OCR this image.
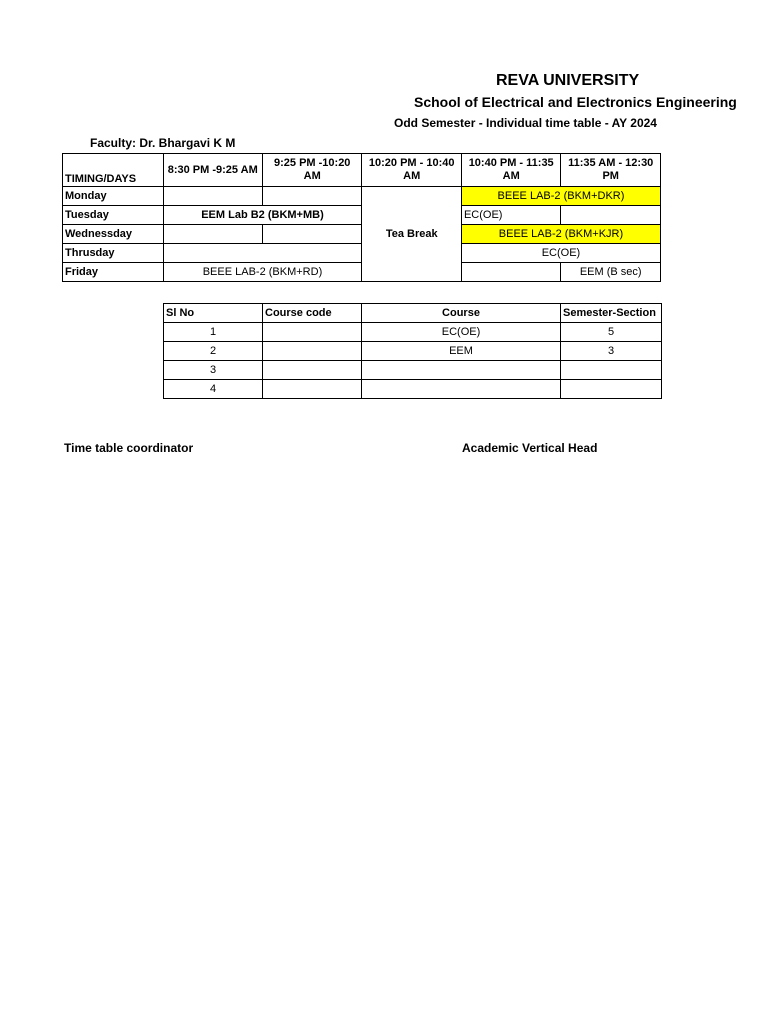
REVA UNIVERSITY
School of Electrical and Electronics Engineering
Odd Semester - Individual time table - AY 2024
Faculty: Dr. Bhargavi K M
TIMING/DAYS	8:30 PM -9:25 AM	9:25 PM -10:20 AM	10:20 PM - 10:40 AM	10:40 PM - 11:35 AM	11:35 AM - 12:30 PM
Monday			Tea Break	BEEE LAB-2 (BKM+DKR)	
Tuesday	EEM Lab B2 (BKM+MB)			EC(OE)	
Wednessday				BEEE LAB-2 (BKM+KJR)	
Thrusday				EC(OE)	
Friday	BEEE LAB-2 (BKM+RD)				EEM (B sec)
Sl No	Course code	Course	Semester-Section
1		EC(OE)	5
2		EEM	3
3			
4			
Time table coordinator	Academic Vertical Head
